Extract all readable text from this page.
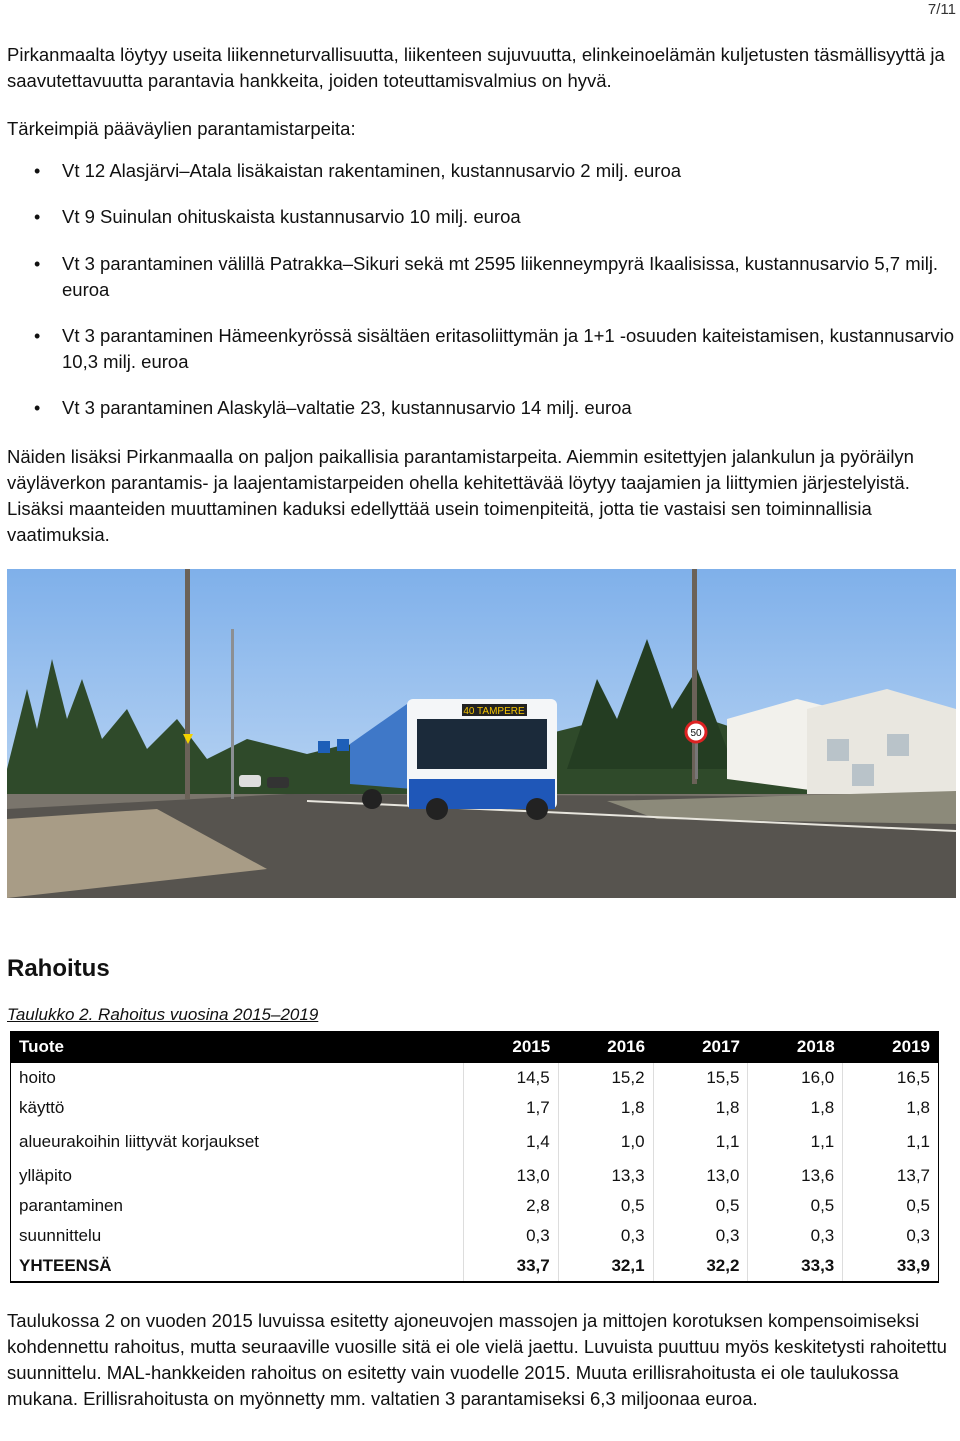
7/11
Pirkanmaalta löytyy useita liikenneturvallisuutta, liikenteen sujuvuutta, elinkeinoelämän kuljetusten täsmällisyyttä ja saavutettavuutta parantavia hankkeita, joiden toteuttamisvalmius on hyvä.
Tärkeimpiä pääväylien parantamistarpeita:
• Vt 12 Alasjärvi–Atala lisäkaistan rakentaminen, kustannusarvio 2 milj. euroa
• Vt 9 Suinulan ohituskaista kustannusarvio 10 milj. euroa
• Vt 3 parantaminen välillä Patrakka–Sikuri sekä mt 2595 liikenneympyrä Ikaalisissa, kustannusarvio 5,7 milj. euroa
• Vt 3 parantaminen Hämeenkyrössä sisältäen eritasoliittymän ja 1+1 -osuuden kaiteistamisen, kustannusarvio 10,3 milj. euroa
• Vt 3 parantaminen Alaskylä–valtatie 23, kustannusarvio 14 milj. euroa
Näiden lisäksi Pirkanmaalla on paljon paikallisia parantamistarpeita. Aiemmin esitettyjen jalankulun ja pyöräilyn väyläverkon parantamis- ja laajentamistarpeiden ohella kehitettävää löytyy taajamien ja liittymien järjestelyistä. Lisäksi maanteiden muuttaminen kaduksi edellyttää usein toimenpiteitä, jotta tie vastaisi sen toiminnallisia vaatimuksia.
40 TAMPERE
50
Rahoitus
Taulukko 2. Rahoitus vuosina 2015–2019
Tuote	2015	2016	2017	2018	2019
hoito	14,5	15,2	15,5	16,0	16,5
käyttö	1,7	1,8	1,8	1,8	1,8
alueurakoihin liittyvät korjaukset	1,4	1,0	1,1	1,1	1,1
ylläpito	13,0	13,3	13,0	13,6	13,7
parantaminen	2,8	0,5	0,5	0,5	0,5
suunnittelu	0,3	0,3	0,3	0,3	0,3
YHTEENSÄ	33,7	32,1	32,2	33,3	33,9
Taulukossa 2 on vuoden 2015 luvuissa esitetty ajoneuvojen massojen ja mittojen korotuksen kompensoimiseksi kohdennettu rahoitus, mutta seuraaville vuosille sitä ei ole vielä jaettu. Luvuista puuttuu myös keskitetysti rahoitettu suunnittelu. MAL-hankkeiden rahoitus on esitetty vain vuodelle 2015. Muuta erillisrahoitusta ei ole taulukossa mukana. Erillisrahoitusta on myönnetty mm. valtatien 3 parantamiseksi 6,3 miljoonaa euroa.
